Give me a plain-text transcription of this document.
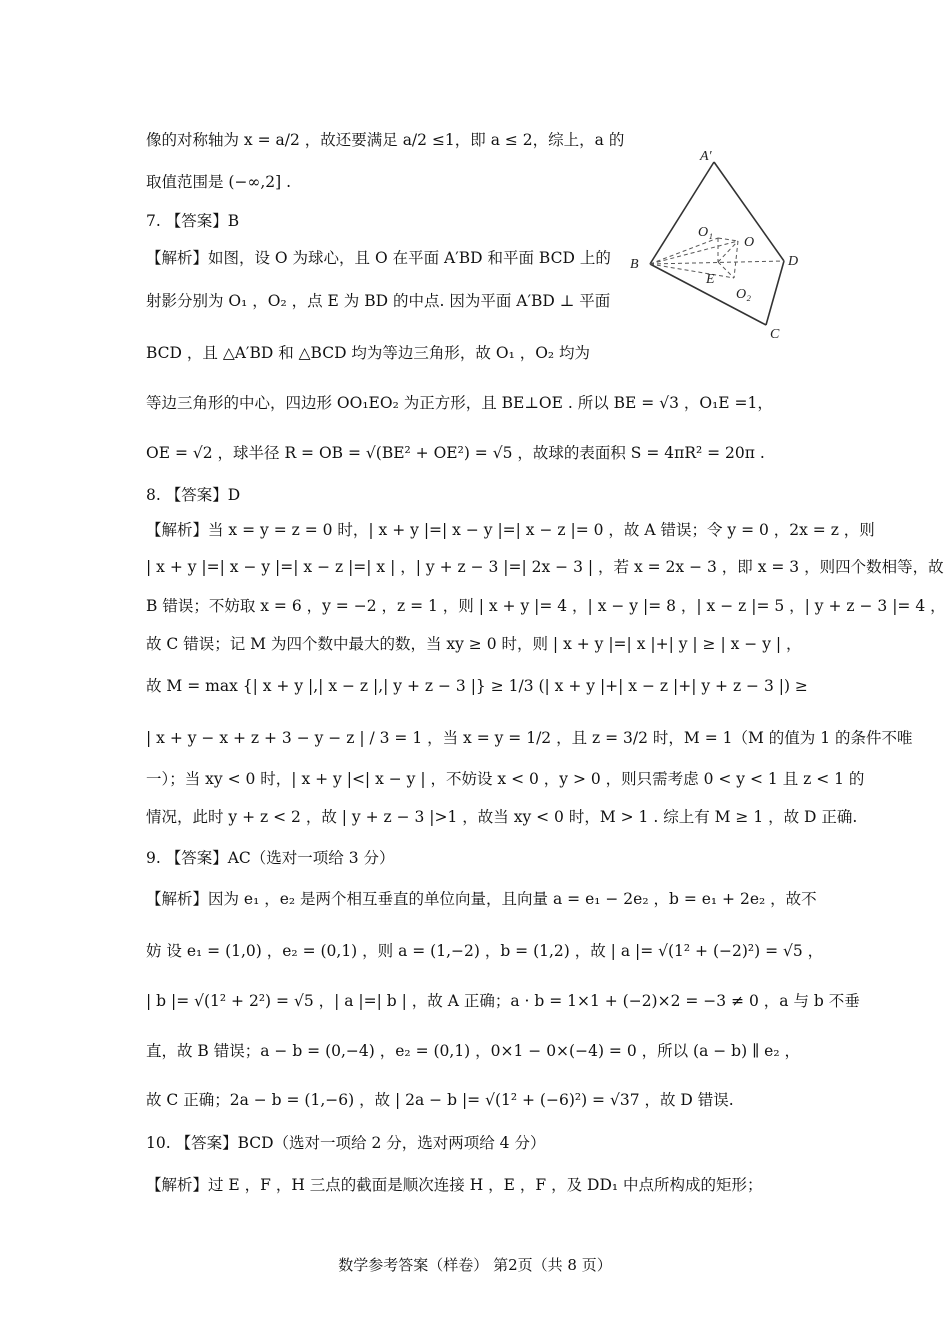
像的对称轴为 x = a/2 ，故还要满足 a/2 ≤1，即 a ≤ 2，综上，a 的
取值范围是 (−∞,2] .
7. 【答案】B
【解析】如图，设 O 为球心，且 O 在平面 A′BD 和平面 BCD 上的
射影分别为 O₁ ，O₂ ，点 E 为 BD 的中点. 因为平面 A′BD ⊥ 平面
BCD ，且 △A′BD 和 △BCD 均为等边三角形，故 O₁ ，O₂ 均为
等边三角形的中心，四边形 OO₁EO₂ 为正方形，且 BE⊥OE . 所以 BE = √3 ，O₁E =1，
OE = √2 ，球半径 R = OB = √(BE² + OE²) = √5 ，故球的表面积 S = 4πR² = 20π .
8. 【答案】D
【解析】当 x = y = z = 0 时，| x + y |=| x − y |=| x − z |= 0 ，故 A 错误；令 y = 0 ，2x = z ，则
| x + y |=| x − y |=| x − z |=| x | ，| y + z − 3 |=| 2x − 3 | ，若 x = 2x − 3 ，即 x = 3 ，则四个数相等，故
B 错误；不妨取 x = 6 ，y = −2 ，z = 1 ，则 | x + y |= 4 ，| x − y |= 8 ，| x − z |= 5 ，| y + z − 3 |= 4 ，
故 C 错误；记 M 为四个数中最大的数，当 xy ≥ 0 时，则 | x + y |=| x |+| y | ≥ | x − y | ，
故 M = max {| x + y |,| x − z |,| y + z − 3 |} ≥ 1/3 (| x + y |+| x − z |+| y + z − 3 |) ≥
| x + y − x + z + 3 − y − z | / 3 = 1 ，当 x = y = 1/2 ，且 z = 3/2 时，M = 1（M 的值为 1 的条件不唯
一）；当 xy < 0 时，| x + y |<| x − y | ，不妨设 x < 0 ，y > 0 ，则只需考虑 0 < y < 1 且 z < 1 的
情况，此时 y + z < 2 ，故 | y + z − 3 |>1 ，故当 xy < 0 时，M > 1 . 综上有 M ≥ 1 ，故 D 正确.
9. 【答案】AC（选对一项给 3 分）
【解析】因为 e₁ ，e₂ 是两个相互垂直的单位向量，且向量 a = e₁ − 2e₂ ，b = e₁ + 2e₂ ，故不
妨 设 e₁ = (1,0) ，e₂ = (0,1) ，则 a = (1,−2) ，b = (1,2) ，故 | a |= √(1² + (−2)²) = √5 ，
| b |= √(1² + 2²) = √5 ，| a |=| b | ，故 A 正确；a · b = 1×1 + (−2)×2 = −3 ≠ 0 ，a 与 b 不垂
直，故 B 错误；a − b = (0,−4) ，e₂ = (0,1) ，0×1 − 0×(−4) = 0 ，所以 (a − b) ∥ e₂ ，
故 C 正确；2a − b = (1,−6) ，故 | 2a − b |= √(1² + (−6)²) = √37 ，故 D 错误.
10. 【答案】BCD（选对一项给 2 分，选对两项给 4 分）
【解析】过 E ，F ，H 三点的截面是顺次连接 H ，E ，F ，及 DD₁ 中点所构成的矩形；
A′
B
C
D
O₁
O
E
O₂
数学参考答案（样卷） 第2页（共 8 页）
